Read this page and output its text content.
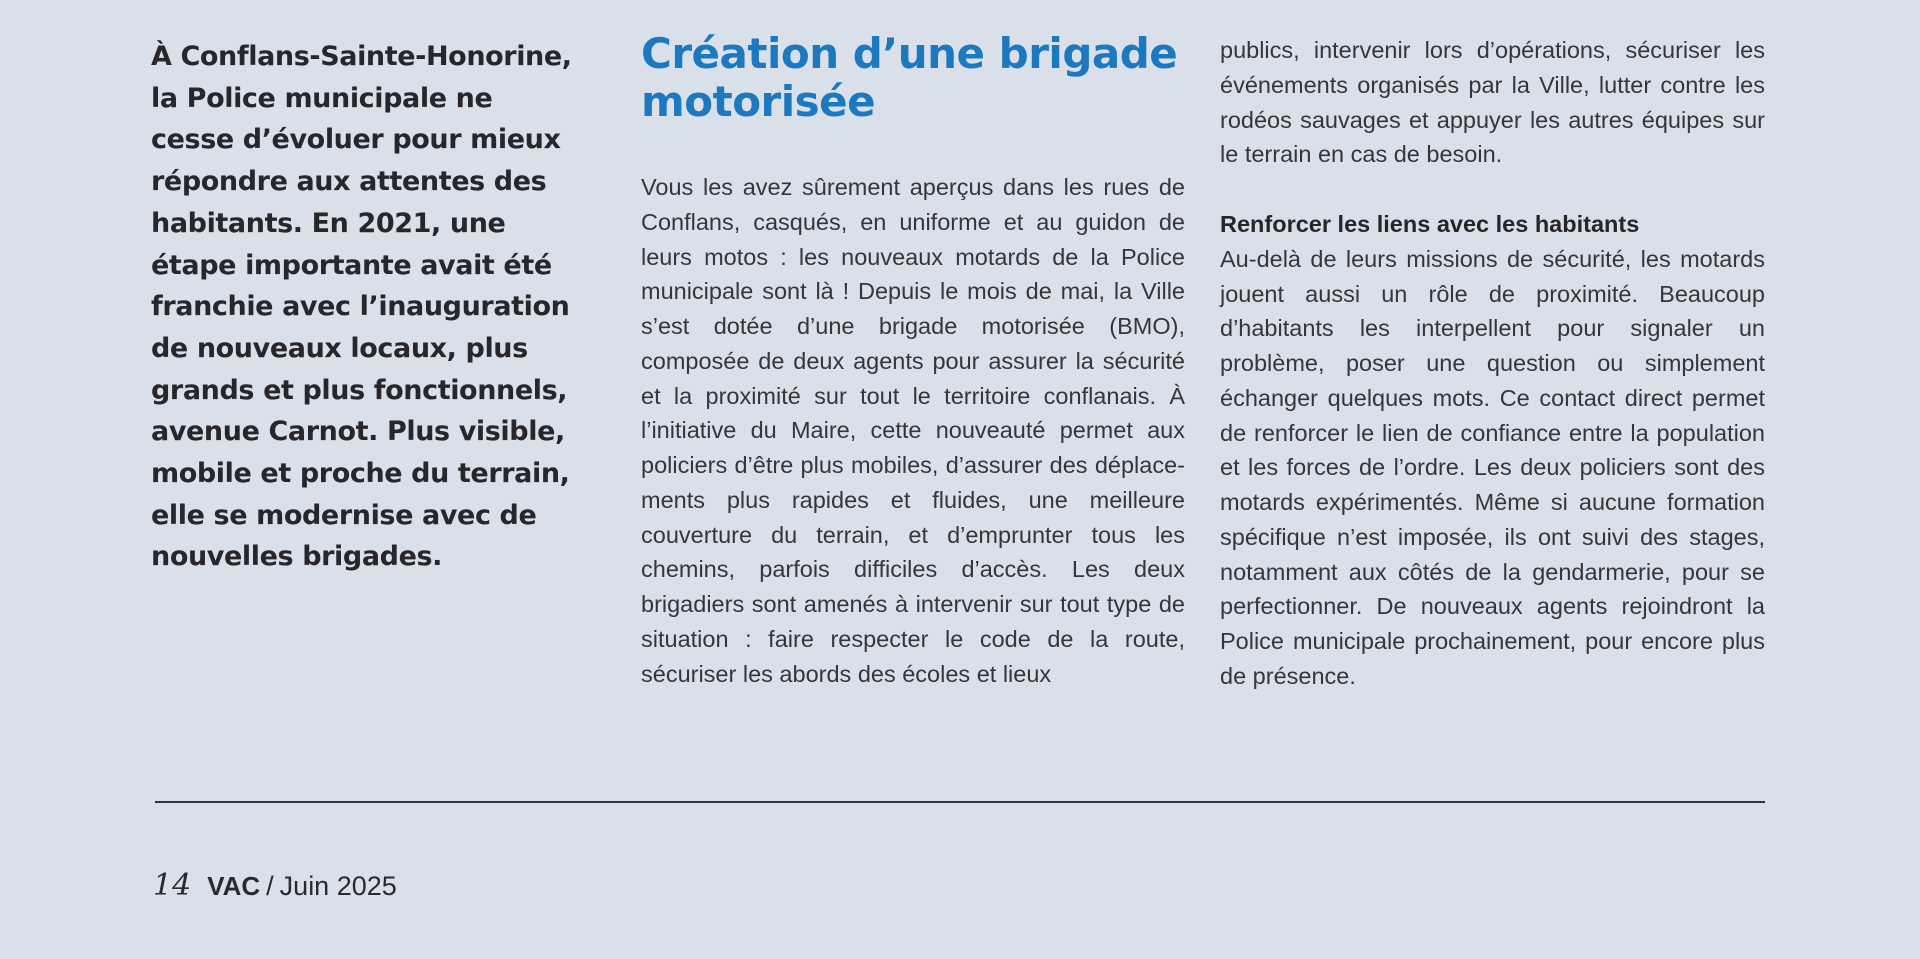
À Conflans-Sainte-Honorine, la Police municipale ne cesse d’évoluer pour mieux répondre aux attentes des habitants. En 2021, une étape importante avait été franchie avec l’inauguration de nouveaux locaux, plus grands et plus fonctionnels, avenue Carnot. Plus visible, mobile et proche du terrain, elle se modernise avec de nouvelles brigades.

Création d’une brigade motorisée

Vous les avez sûrement aperçus dans les rues de Conflans, casqués, en uniforme et au guidon de leurs motos : les nouveaux motards de la Police municipale sont là ! Depuis le mois de mai, la Ville s’est dotée d’une brigade motorisée (BMO), composée de deux agents pour assurer la sécurité et la proximité sur tout le territoire conflanais. À l’initiative du Maire, cette nouveauté permet aux policiers d’être plus mobiles, d’assurer des déplacements plus rapides et fluides, une meilleure couverture du terrain, et d’emprunter tous les chemins, parfois difficiles d’accès. Les deux brigadiers sont amenés à intervenir sur tout type de situation : faire respecter le code de la route, sécuriser les abords des écoles et lieux

publics, intervenir lors d’opérations, sécuriser les événements organisés par la Ville, lutter contre les rodéos sauvages et appuyer les autres équipes sur le terrain en cas de besoin.

Renforcer les liens avec les habitants

Au-delà de leurs missions de sécurité, les motards jouent aussi un rôle de proximité. Beaucoup d’habitants les interpellent pour signaler un problème, poser une question ou simplement échanger quelques mots. Ce contact direct permet de renforcer le lien de confiance entre la population et les forces de l’ordre. Les deux policiers sont des motards expérimentés. Même si aucune formation spécifique n’est imposée, ils ont suivi des stages, notamment aux côtés de la gendarmerie, pour se perfectionner. De nouveaux agents rejoindront la Police municipale prochainement, pour encore plus de présence.

14 VAC / Juin 2025
